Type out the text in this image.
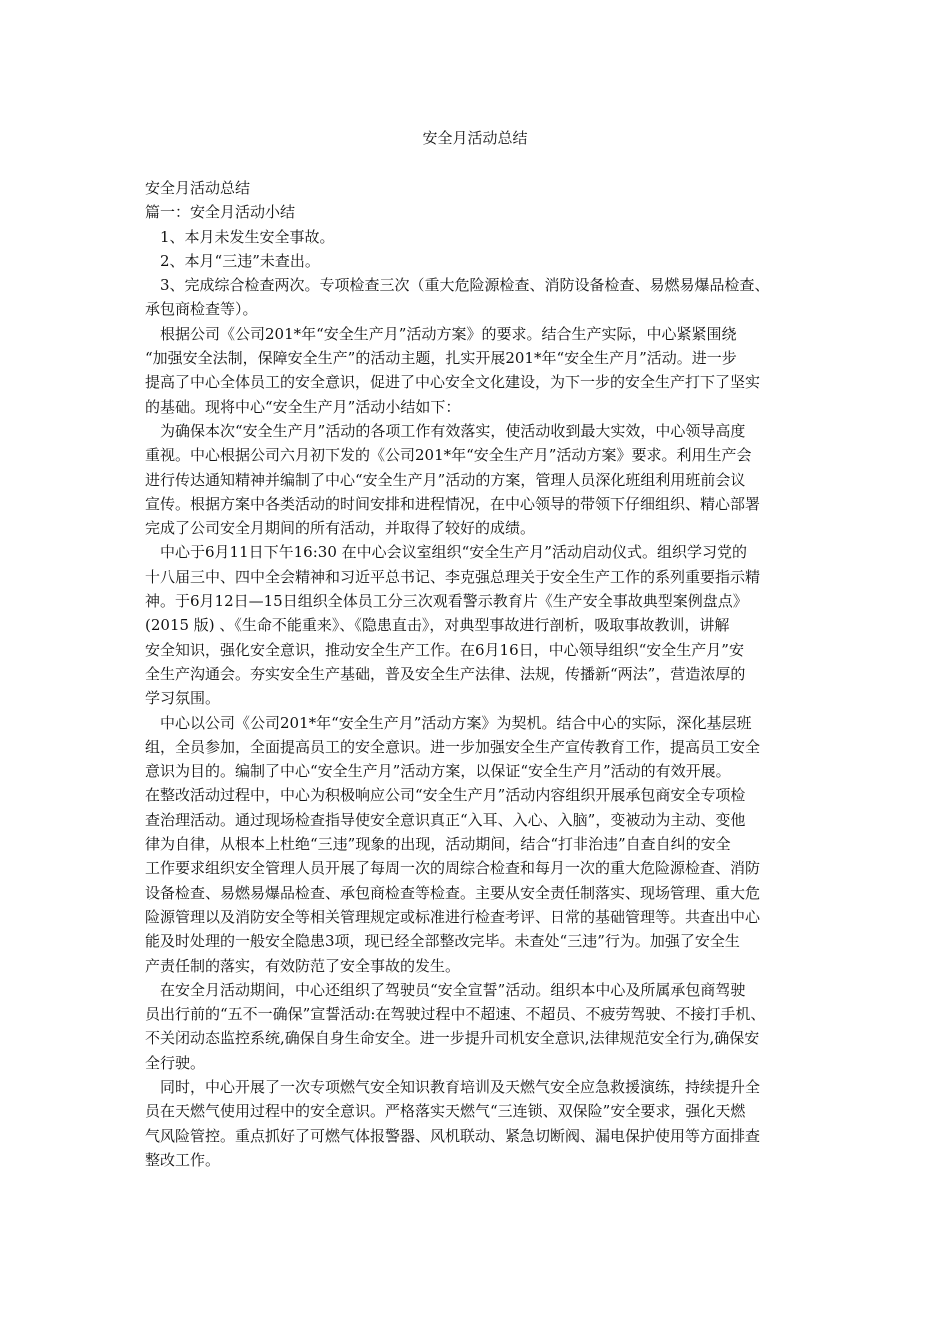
安全月活动总结
安全月活动总结
篇一：安全月活动小结
1、本月未发生安全事故。
2、本月“三违”未查出。
3、完成综合检查两次。专项检查三次（重大危险源检查、消防设备检查、易燃易爆品检查、
承包商检查等）。
根据公司《公司201*年“安全生产月”活动方案》的要求。结合生产实际，中心紧紧围绕
“加强安全法制，保障安全生产”的活动主题，扎实开展201*年“安全生产月”活动。进一步
提高了中心全体员工的安全意识，促进了中心安全文化建设，为下一步的安全生产打下了坚实
的基础。现将中心“安全生产月”活动小结如下：
为确保本次“安全生产月”活动的各项工作有效落实，使活动收到最大实效，中心领导高度
重视。中心根据公司六月初下发的《公司201*年“安全生产月”活动方案》要求。利用生产会
进行传达通知精神并编制了中心“安全生产月”活动的方案，管理人员深化班组利用班前会议
宣传。根据方案中各类活动的时间安排和进程情况，在中心领导的带领下仔细组织、精心部署
完成了公司安全月期间的所有活动，并取得了较好的成绩。
中心于6月11日下午16:30 在中心会议室组织“安全生产月”活动启动仪式。组织学习党的
十八届三中、四中全会精神和习近平总书记、李克强总理关于安全生产工作的系列重要指示精
神。于6月12日—15日组织全体员工分三次观看警示教育片《生产安全事故典型案例盘点》
(2015 版) 、《生命不能重来》、《隐患直击》，对典型事故进行剖析，吸取事故教训，讲解
安全知识，强化安全意识，推动安全生产工作。在6月16日，中心领导组织“安全生产月”安
全生产沟通会。夯实安全生产基础，普及安全生产法律、法规，传播新“两法”，营造浓厚的
学习氛围。
中心以公司《公司201*年“安全生产月”活动方案》为契机。结合中心的实际，深化基层班
组，全员参加，全面提高员工的安全意识。进一步加强安全生产宣传教育工作，提高员工安全
意识为目的。编制了中心“安全生产月”活动方案，以保证“安全生产月”活动的有效开展。
在整改活动过程中，中心为积极响应公司“安全生产月”活动内容组织开展承包商安全专项检
查治理活动。通过现场检查指导使安全意识真正“入耳、入心、入脑”，变被动为主动、变他
律为自律，从根本上杜绝“三违”现象的出现，活动期间，结合“打非治违”自查自纠的安全
工作要求组织安全管理人员开展了每周一次的周综合检查和每月一次的重大危险源检查、消防
设备检查、易燃易爆品检查、承包商检查等检查。主要从安全责任制落实、现场管理、重大危
险源管理以及消防安全等相关管理规定或标准进行检查考评、日常的基础管理等。共查出中心
能及时处理的一般安全隐患3项，现已经全部整改完毕。未查处“三违”行为。加强了安全生
产责任制的落实，有效防范了安全事故的发生。
在安全月活动期间，中心还组织了驾驶员“安全宣誓”活动。组织本中心及所属承包商驾驶
员出行前的“五不一确保”宣誓活动:在驾驶过程中不超速、不超员、不疲劳驾驶、不接打手机、
不关闭动态监控系统,确保自身生命安全。进一步提升司机安全意识,法律规范安全行为,确保安
全行驶。
同时，中心开展了一次专项燃气安全知识教育培训及天燃气安全应急救援演练，持续提升全
员在天燃气使用过程中的安全意识。严格落实天燃气“三连锁、双保险”安全要求，强化天燃
气风险管控。重点抓好了可燃气体报警器、风机联动、紧急切断阀、漏电保护使用等方面排查
整改工作。
